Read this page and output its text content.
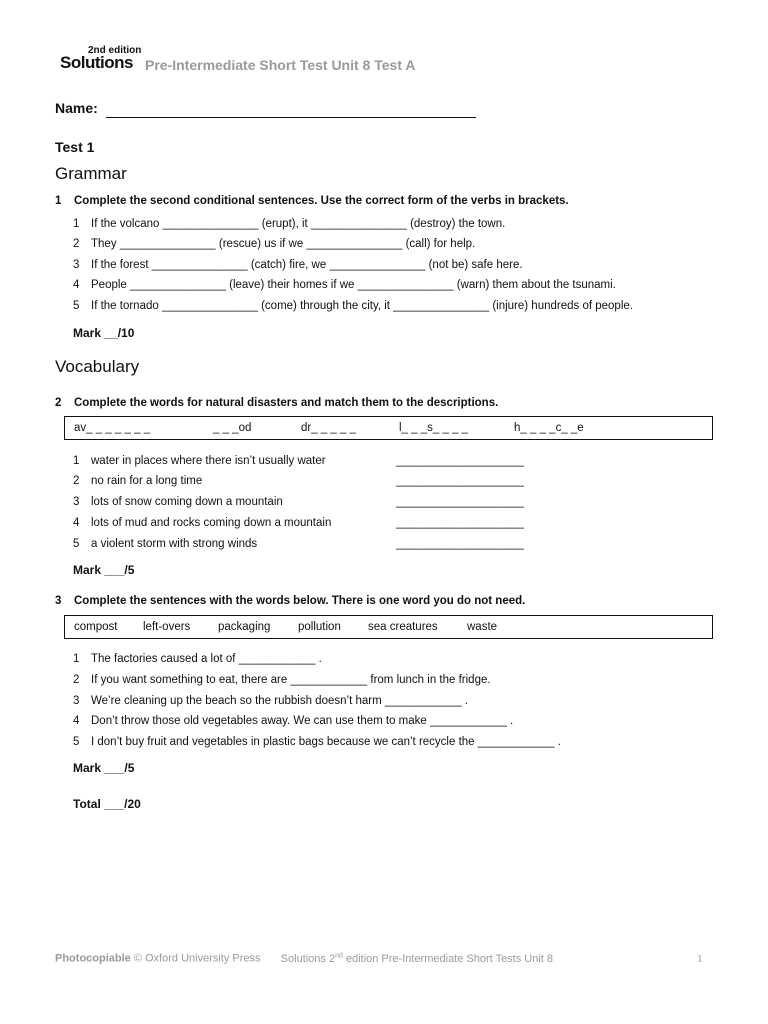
2nd edition
Solutions Pre-Intermediate Short Test Unit 8 Test A
Name:
Test 1
Grammar
1 Complete the second conditional sentences. Use the correct form of the verbs in brackets.
1 If the volcano _______________ (erupt), it _______________ (destroy) the town.
2 They _______________ (rescue) us if we _______________ (call) for help.
3 If the forest _______________ (catch) fire, we _______________ (not be) safe here.
4 People _______________ (leave) their homes if we _______________ (warn) them about the tsunami.
5 If the tornado _______________ (come) through the city, it _______________ (injure) hundreds of people.
Mark __/10
Vocabulary
2 Complete the words for natural disasters and match them to the descriptions.
av_ _ _ _ _ _ _	_ _ _od	dr_ _ _ _ _	l_ _ _s_ _ _ _	h_ _ _ _c_ _e
1 water in places where there isn’t usually water	____________________
2 no rain for a long time	____________________
3 lots of snow coming down a mountain	____________________
4 lots of mud and rocks coming down a mountain	____________________
5 a violent storm with strong winds	____________________
Mark ___/5
3 Complete the sentences with the words below. There is one word you do not need.
compost left-overs packaging pollution sea creatures	waste
1 The factories caused a lot of ____________ .
2 If you want something to eat, there are ____________ from lunch in the fridge.
3 We’re cleaning up the beach so the rubbish doesn’t harm ____________ .
4 Don’t throw those old vegetables away. We can use them to make ____________ .
5 I don’t buy fruit and vegetables in plastic bags because we can’t recycle the ____________ .
Mark ___/5
Total ___/20
Photocopiable © Oxford University Press Solutions 2nd edition Pre-Intermediate Short Tests Unit 8	1
